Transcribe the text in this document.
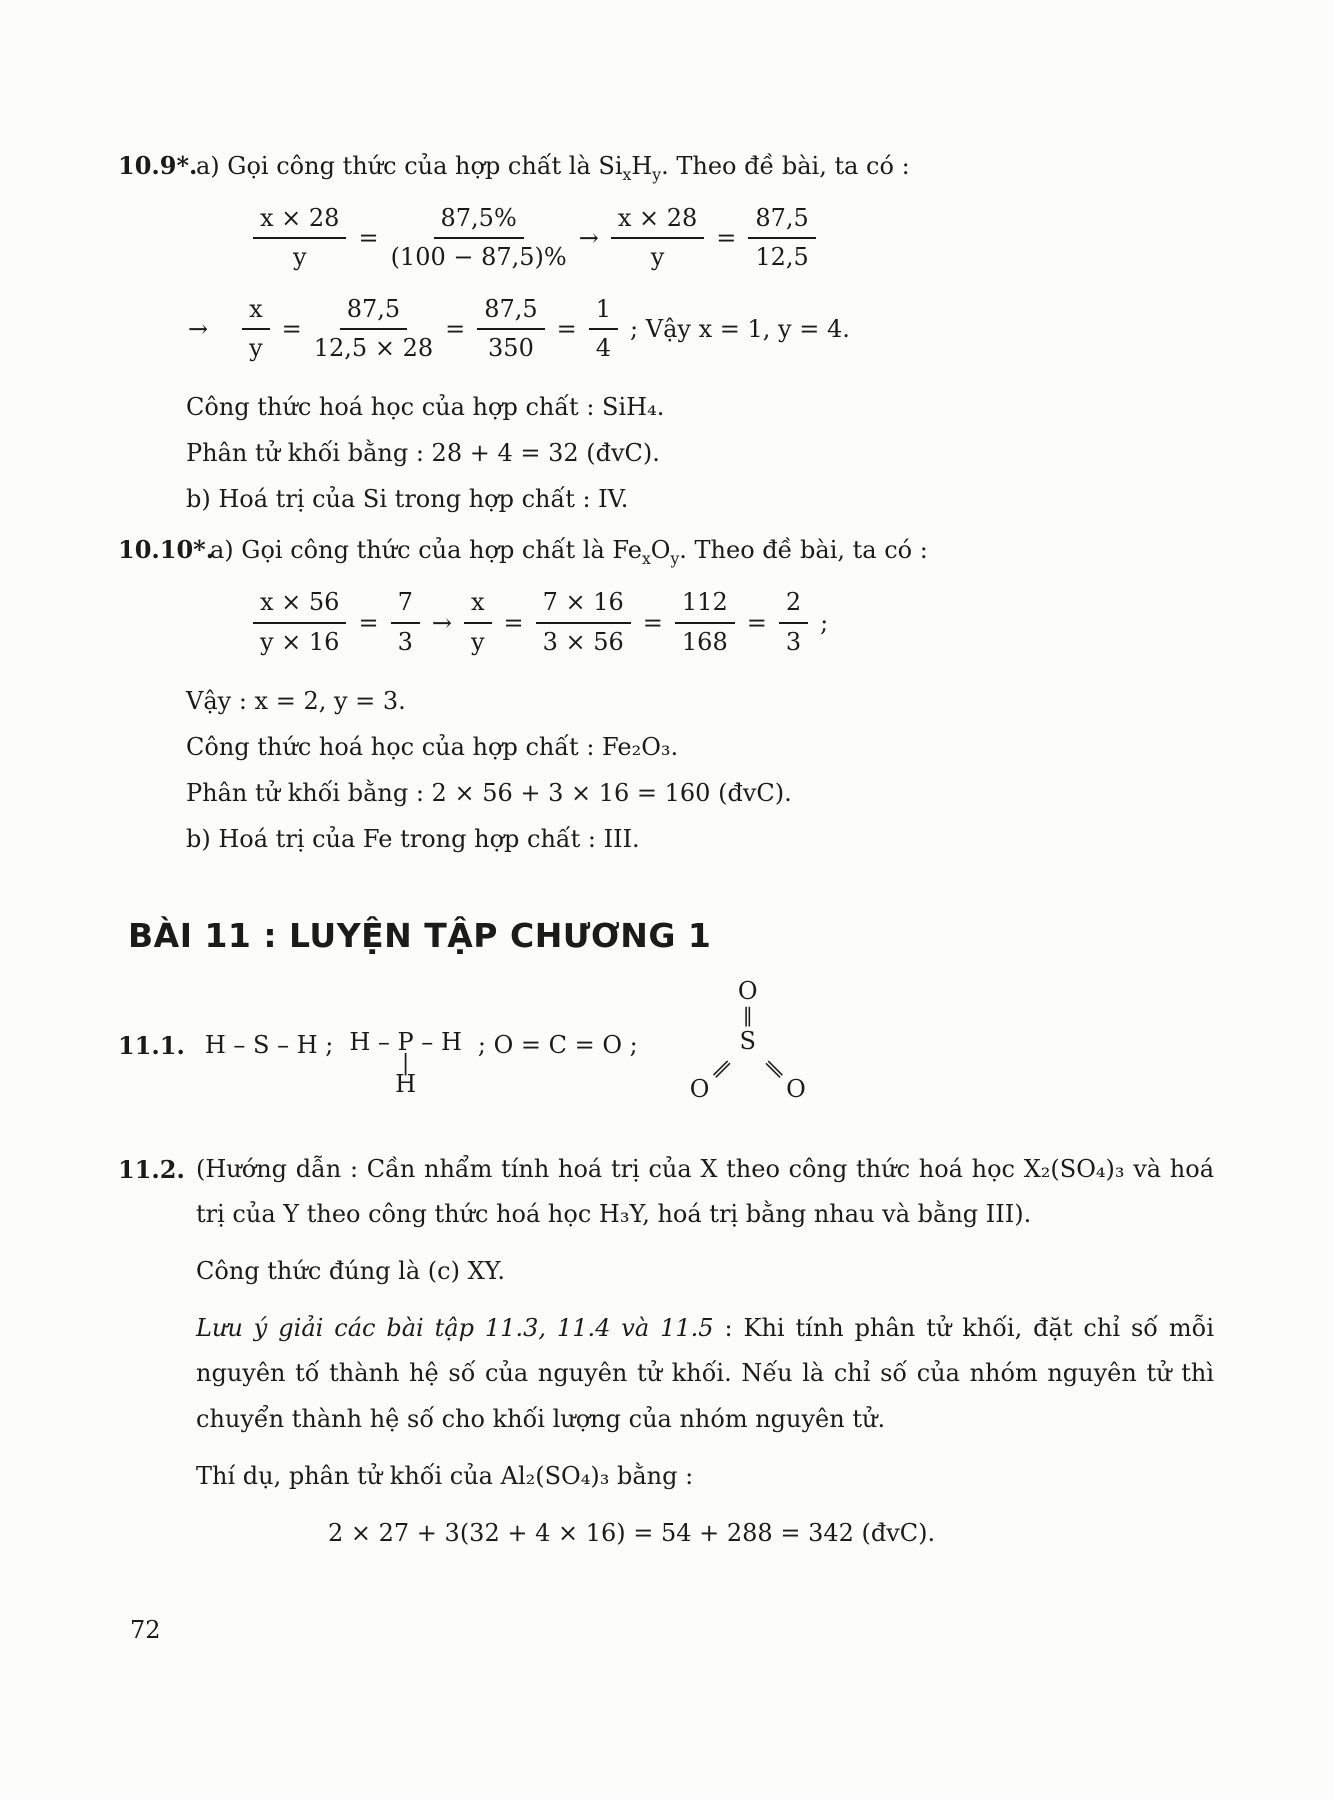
10.9*.
a) Gọi công thức của hợp chất là $Si_xH_y$. Theo đề bài, ta có :

$\frac{x \times 28}{y} = \frac{87,5\%}{(100 - 87,5)\%} \to \frac{x \times 28}{y} = \frac{87,5}{12,5}$
→ $\frac{x}{y} = \frac{87,5}{12,5 \times 28} = \frac{87,5}{350} = \frac{1}{4}$ ; Vậy x = 1, y = 4.

Công thức hoá học của hợp chất : SiH₄.

Phân tử khối bằng : 28 + 4 = 32 (đvC).

b) Hoá trị của Si trong hợp chất : IV.

10.10*.
a) Gọi công thức của hợp chất là $Fe_xO_y$. Theo đề bài, ta có :

$\frac{x \times 56}{y \times 16} = \frac{7}{3} \to \frac{x}{y} = \frac{7 \times 16}{3 \times 56} = \frac{112}{168} = \frac{2}{3}$ ;

Vậy : x = 2, y = 3.

Công thức hoá học của hợp chất : Fe₂O₃.

Phân tử khối bằng : 2 × 56 + 3 × 16 = 160 (đvC).

b) Hoá trị của Fe trong hợp chất : III.

BÀI 11 : LUYỆN TẬP CHƯƠNG 1
11.1. H – S – H ; H – P – H
|
H
; O = C = O ;
O
‖
S
‖ ‖
O	O
11.2. (Hướng dẫn : Cần nhẩm tính hoá trị của X theo công thức hoá học X₂(SO₄)₃ và hoá trị của Y theo công thức hoá học H₃Y, hoá trị bằng nhau và bằng III).

Công thức đúng là (c) XY.

Lưu ý giải các bài tập 11.3, 11.4 và 11.5 : Khi tính phân tử khối, đặt chỉ số mỗi nguyên tố thành hệ số của nguyên tử khối. Nếu là chỉ số của nhóm nguyên tử thì chuyển thành hệ số cho khối lượng của nhóm nguyên tử.

Thí dụ, phân tử khối của Al₂(SO₄)₃ bằng :

2 × 27 + 3(32 + 4 × 16) = 54 + 288 = 342 (đvC).

72
